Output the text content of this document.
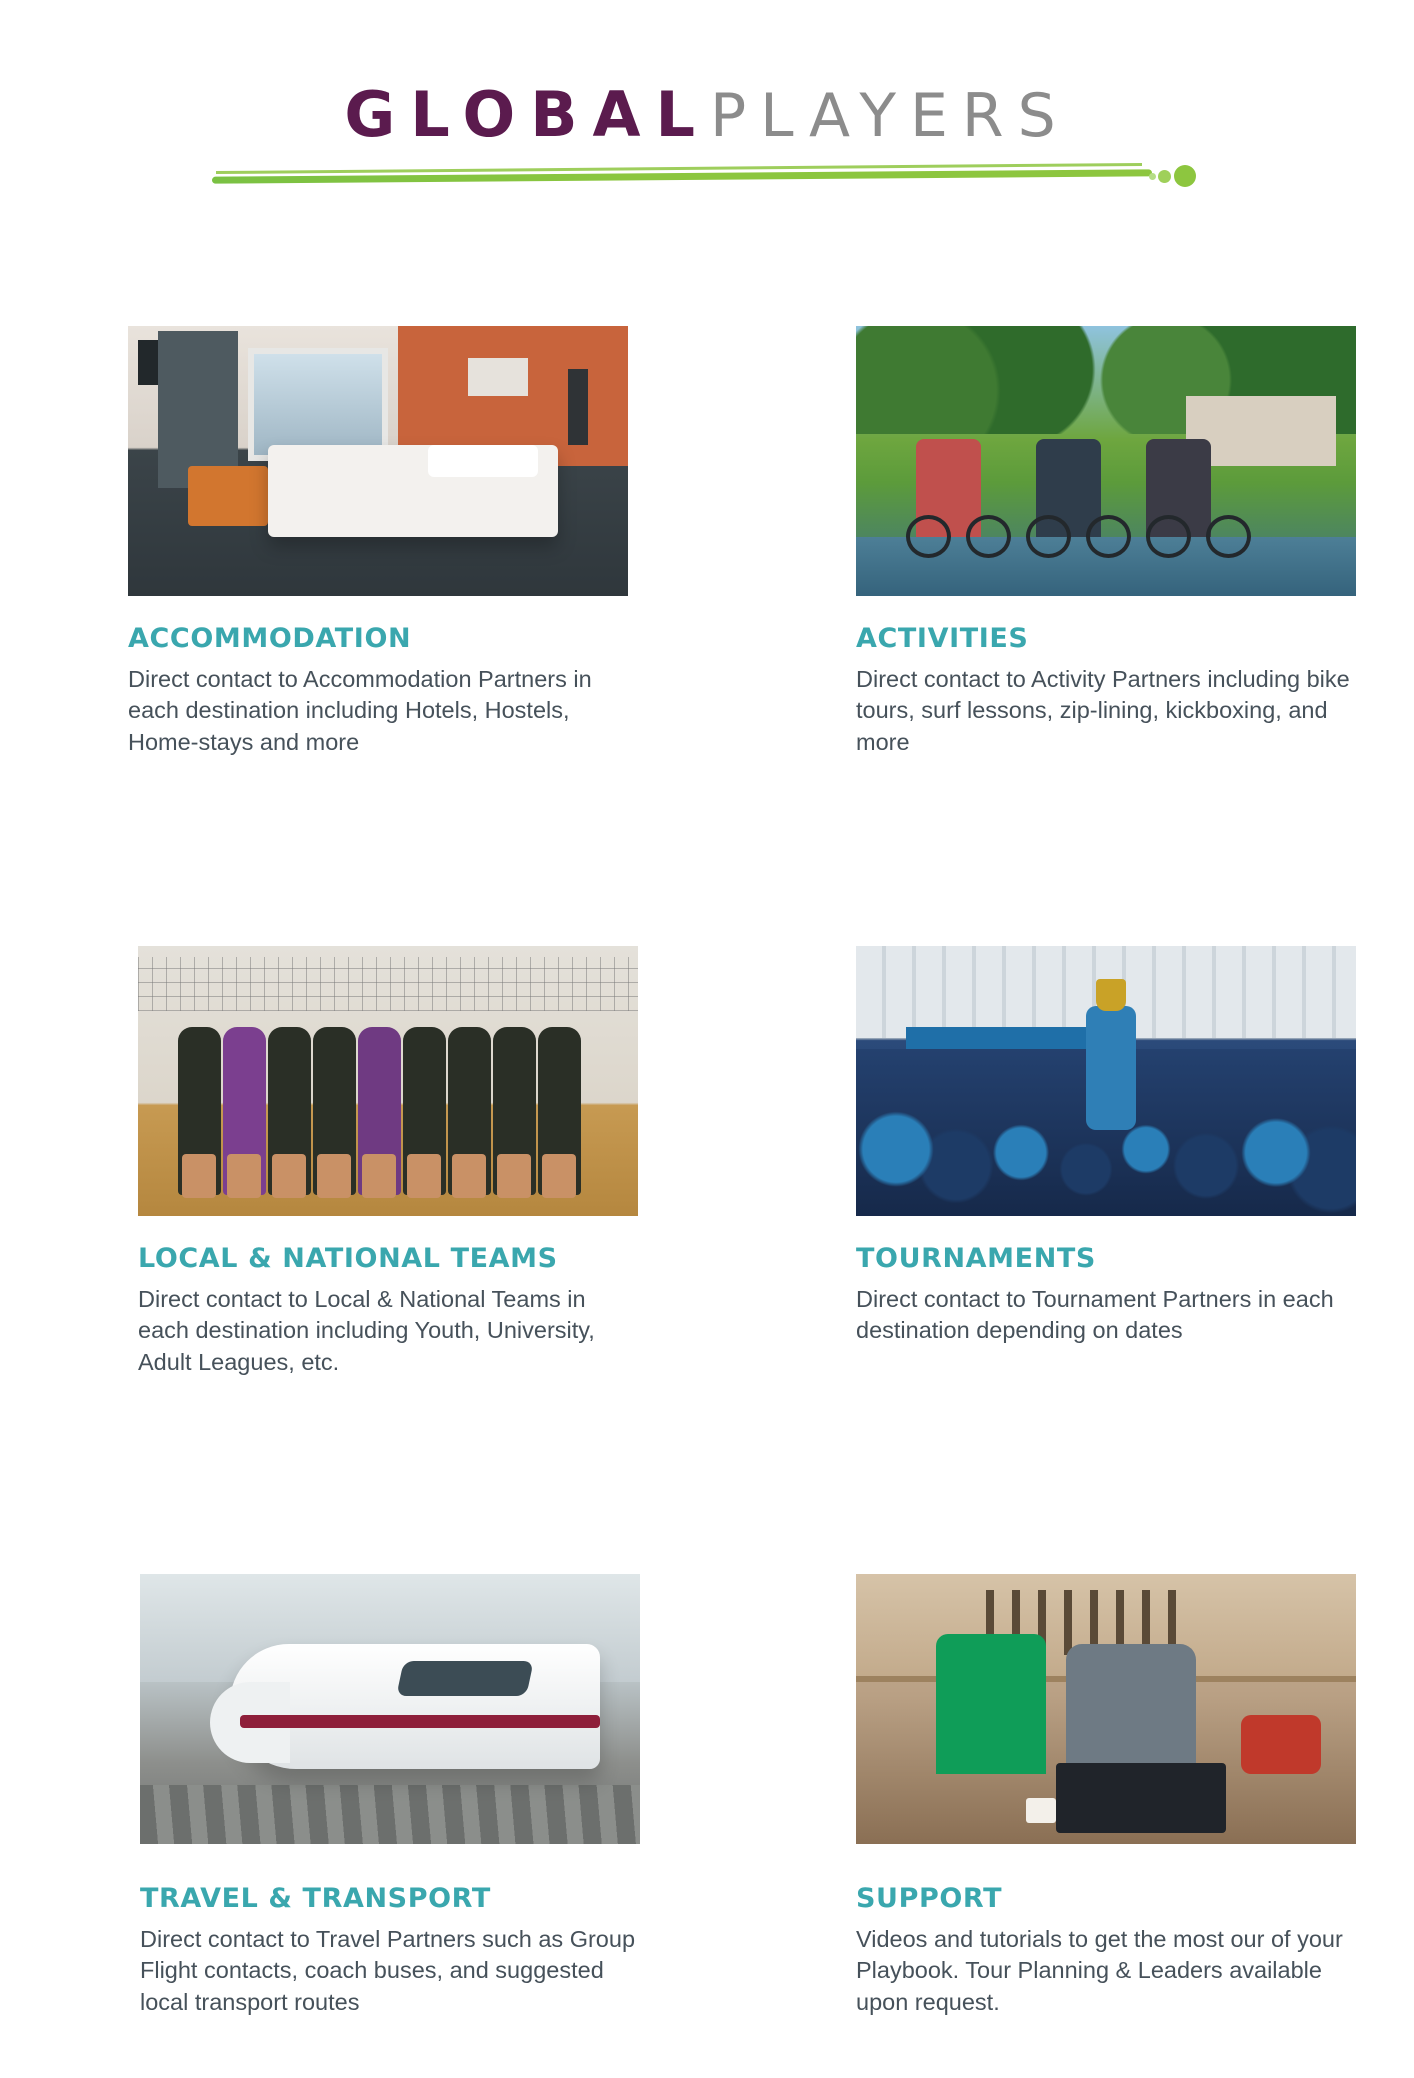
GLOBAL PLAYERS
ACCOMMODATION
Direct contact to Accommodation Partners in each destination including Hotels, Hostels, Home-stays and more
ACTIVITIES
Direct contact to Activity Partners including bike tours, surf lessons, zip-lining, kickboxing, and more
LOCAL & NATIONAL TEAMS
Direct contact to Local & National Teams in each destination including Youth, University, Adult Leagues, etc.
TOURNAMENTS
Direct contact to Tournament Partners in each destination depending on dates
TRAVEL & TRANSPORT
Direct contact to Travel Partners such as Group Flight contacts, coach buses, and suggested local transport routes
SUPPORT
Videos and tutorials to get the most our of your Playbook. Tour Planning & Leaders available upon request.
